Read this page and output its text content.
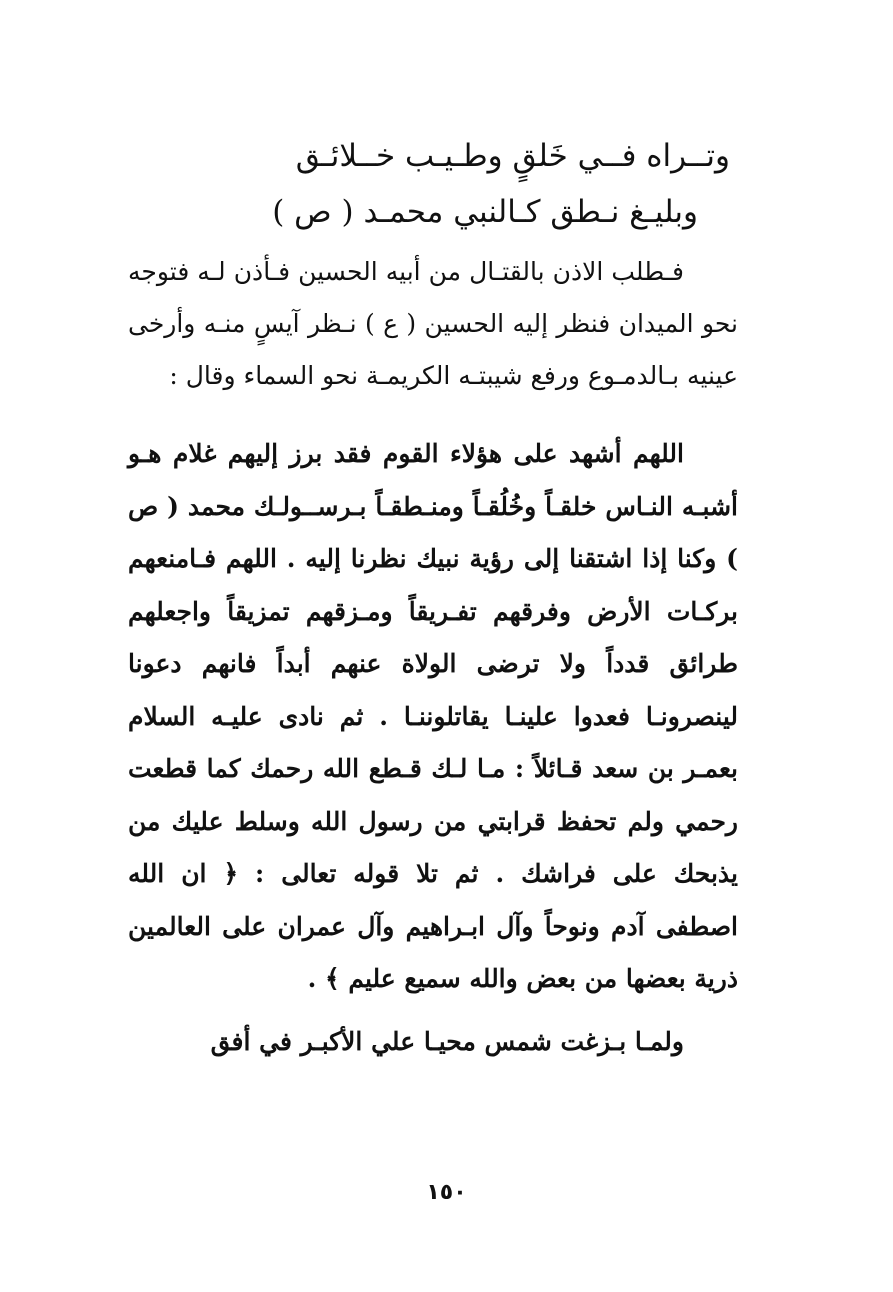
وتــراه فــي خَلقٍ وطـيـب خــلائـق
وبليـغ نـطق كـالنبي محمـد ( ص )

فـطلب الاذن بالقتـال من أبيه الحسين فـأذن لـه فتوجه نحو الميدان فنظر إليه الحسين ( ع ) نـظر آيسٍ منـه وأرخى عينيه بـالدمـوع ورفع شيبتـه الكريمـة نحو السماء وقال :

اللهم أشهد على هؤلاء القوم فقد برز إليهم غلام هـو أشبـه النـاس خلقـاً وخُلُقـاً ومنـطقـاً بـرســولـك محمد ( ص ) وكنا إذا اشتقنا إلى رؤية نبيك نظرنا إليه . اللهم فـامنعهم بركـات الأرض وفرقهم تفـريقاً ومـزقهم تمزيقاً واجعلهم طرائق قدداً ولا ترضى الولاة عنهم أبداً فانهم دعونا لينصرونـا فعدوا علينـا يقاتلوننـا . ثم نادى عليـه السلام بعمـر بن سعد قـائلاً : مـا لـك قـطع الله رحمك كما قطعت رحمي ولم تحفظ قرابتي من رسول الله وسلط عليك من يذبحك على فراشك . ثم تلا قوله تعالى : ﴿ ان الله اصطفى آدم ونوحاً وآل ابـراهيم وآل عمران على العالمين ذرية بعضها من بعض والله سميع عليم ﴾ .

ولمـا بـزغت شمس محيـا علي الأكبـر في أفق

١٥٠
